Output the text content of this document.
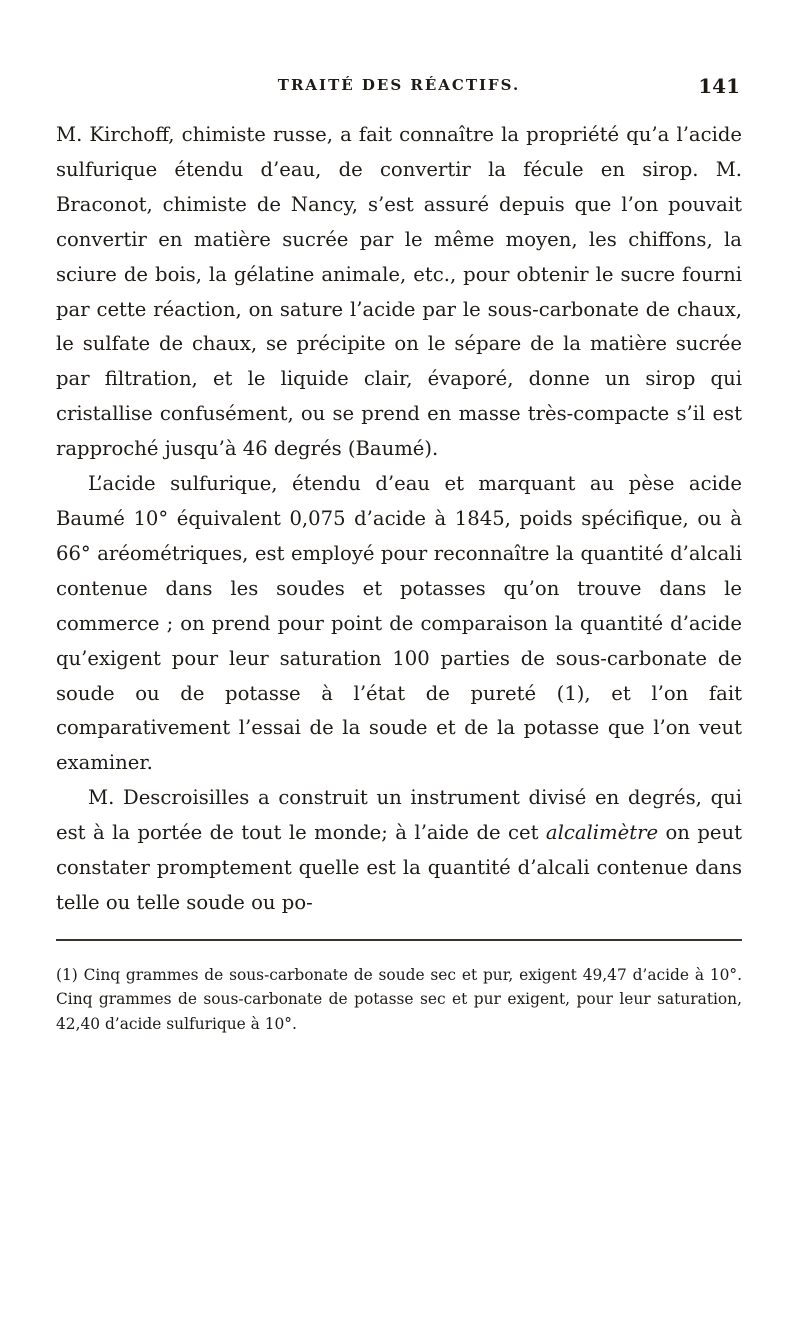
TRAITÉ DES RÉACTIFS.	141

M. Kirchoff, chimiste russe, a fait connaître la propriété qu’a l’acide sulfurique étendu d’eau, de convertir la fécule en sirop. M. Braconot, chimiste de Nancy, s’est assuré depuis que l’on pouvait convertir en matière sucrée par le même moyen, les chiffons, la sciure de bois, la gélatine animale, etc., pour obtenir le sucre fourni par cette réaction, on sature l’acide par le sous-carbonate de chaux, le sulfate de chaux, se précipite on le sépare de la matière sucrée par filtration, et le liquide clair, évaporé, donne un sirop qui cristallise confusément, ou se prend en masse très-compacte s’il est rapproché jusqu’à 46 degrés (Baumé).

L’acide sulfurique, étendu d’eau et marquant au pèse acide Baumé 10° équivalent 0,075 d’acide à 1845, poids spécifique, ou à 66° aréométriques, est employé pour reconnaître la quantité d’alcali contenue dans les soudes et potasses qu’on trouve dans le commerce ; on prend pour point de comparaison la quantité d’acide qu’exigent pour leur saturation 100 parties de sous-carbonate de soude ou de potasse à l’état de pureté (1), et l’on fait comparativement l’essai de la soude et de la potasse que l’on veut examiner.

M. Descroisilles a construit un instrument divisé en degrés, qui est à la portée de tout le monde; à l’aide de cet alcalimètre on peut constater promptement quelle est la quantité d’alcali contenue dans telle ou telle soude ou po-

(1) Cinq grammes de sous-carbonate de soude sec et pur, exigent 49,47 d’acide à 10°. Cinq grammes de sous-carbonate de potasse sec et pur exigent, pour leur saturation, 42,40 d’acide sulfurique à 10°.
